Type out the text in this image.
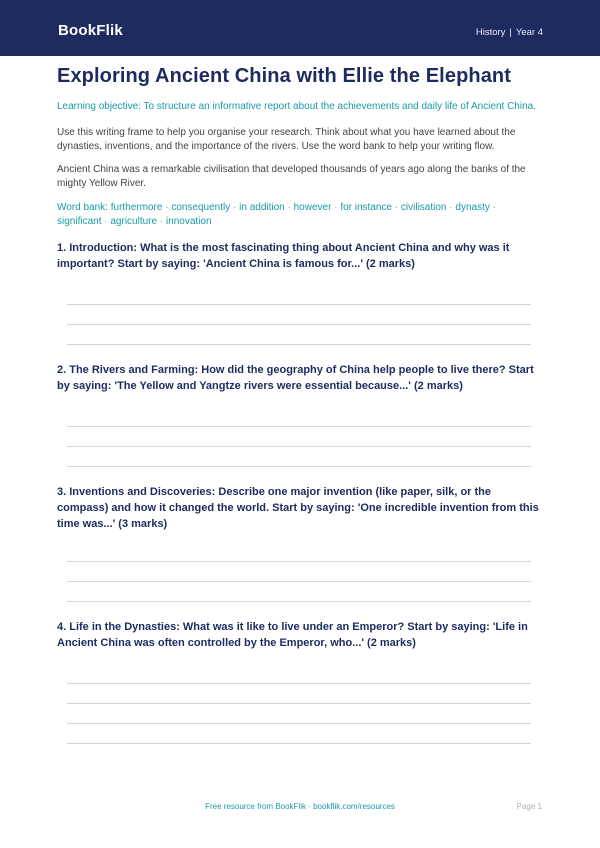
BookFlik	History | Year 4
Exploring Ancient China with Ellie the Elephant

Learning objective: To structure an informative report about the achievements and daily life of Ancient China.

Use this writing frame to help you organise your research. Think about what you have learned about the dynasties, inventions, and the importance of the rivers. Use the word bank to help your writing flow.

Ancient China was a remarkable civilisation that developed thousands of years ago along the banks of the mighty Yellow River.

Word bank: furthermore · consequently · in addition · however · for instance · civilisation · dynasty · significant · agriculture · innovation

1. Introduction: What is the most fascinating thing about Ancient China and why was it important? Start by saying: 'Ancient China is famous for...' (2 marks)
2. The Rivers and Farming: How did the geography of China help people to live there? Start by saying: 'The Yellow and Yangtze rivers were essential because...' (2 marks)
3. Inventions and Discoveries: Describe one major invention (like paper, silk, or the compass) and how it changed the world. Start by saying: 'One incredible invention from this time was...' (3 marks)
4. Life in the Dynasties: What was it like to live under an Emperor? Start by saying: 'Life in Ancient China was often controlled by the Emperor, who...' (2 marks)
Free resource from BookFlik · bookflik.com/resources	Page 1
